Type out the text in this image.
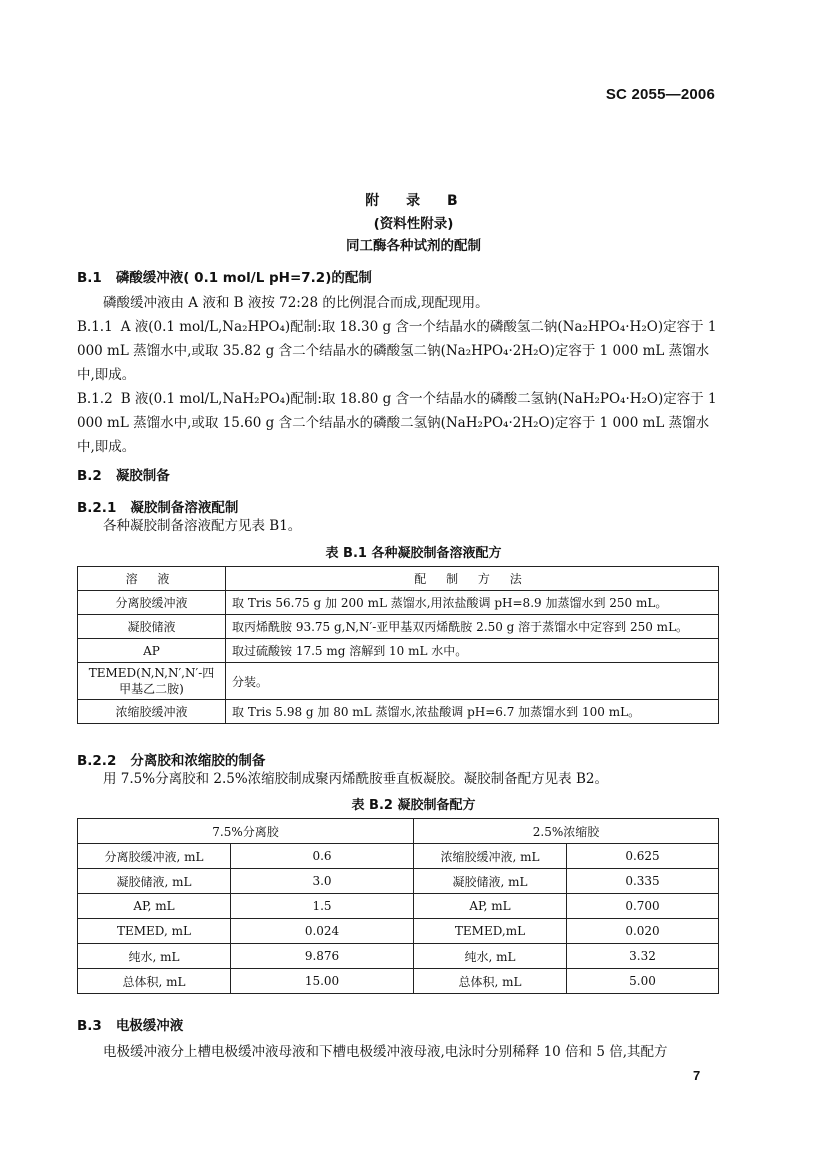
SC 2055—2006
附 录 B
(资料性附录)
同工酶各种试剂的配制
B.1 磷酸缓冲液( 0.1 mol/L pH=7.2)的配制
磷酸缓冲液由 A 液和 B 液按 72:28 的比例混合而成,现配现用。
B.1.1 A 液(0.1 mol/L,Na₂HPO₄)配制:取 18.30 g 含一个结晶水的磷酸氢二钠(Na₂HPO₄·H₂O)定容于 1 000 mL 蒸馏水中,或取 35.82 g 含二个结晶水的磷酸氢二钠(Na₂HPO₄·2H₂O)定容于 1 000 mL 蒸馏水中,即成。
B.1.2 B 液(0.1 mol/L,NaH₂PO₄)配制:取 18.80 g 含一个结晶水的磷酸二氢钠(NaH₂PO₄·H₂O)定容于 1 000 mL 蒸馏水中,或取 15.60 g 含二个结晶水的磷酸二氢钠(NaH₂PO₄·2H₂O)定容于 1 000 mL 蒸馏水中,即成。
B.2 凝胶制备
B.2.1 凝胶制备溶液配制
各种凝胶制备溶液配方见表 B1。
表 B.1 各种凝胶制备溶液配方
溶 液	配 制 方 法
分离胶缓冲液	取 Tris 56.75 g 加 200 mL 蒸馏水,用浓盐酸调 pH=8.9 加蒸馏水到 250 mL。
凝胶储液	取丙烯酰胺 93.75 g,N,N′-亚甲基双丙烯酰胺 2.50 g 溶于蒸馏水中定容到 250 mL。
AP	取过硫酸铵 17.5 mg 溶解到 10 mL 水中。
TEMED(N,N,N′,N′-四甲基乙二胺)	分装。
浓缩胶缓冲液	取 Tris 5.98 g 加 80 mL 蒸馏水,浓盐酸调 pH=6.7 加蒸馏水到 100 mL。
B.2.2 分离胶和浓缩胶的制备
用 7.5%分离胶和 2.5%浓缩胶制成聚丙烯酰胺垂直板凝胶。凝胶制备配方见表 B2。
表 B.2 凝胶制备配方
7.5%分离胶		2.5%浓缩胶	
分离胶缓冲液, mL	0.6	浓缩胶缓冲液, mL	0.625
凝胶储液, mL	3.0	凝胶储液, mL	0.335
AP, mL	1.5	AP, mL	0.700
TEMED, mL	0.024	TEMED,mL	0.020
纯水, mL	9.876	纯水, mL	3.32
总体积, mL	15.00	总体积, mL	5.00
B.3 电极缓冲液
电极缓冲液分上槽电极缓冲液母液和下槽电极缓冲液母液,电泳时分别稀释 10 倍和 5 倍,其配方
7
